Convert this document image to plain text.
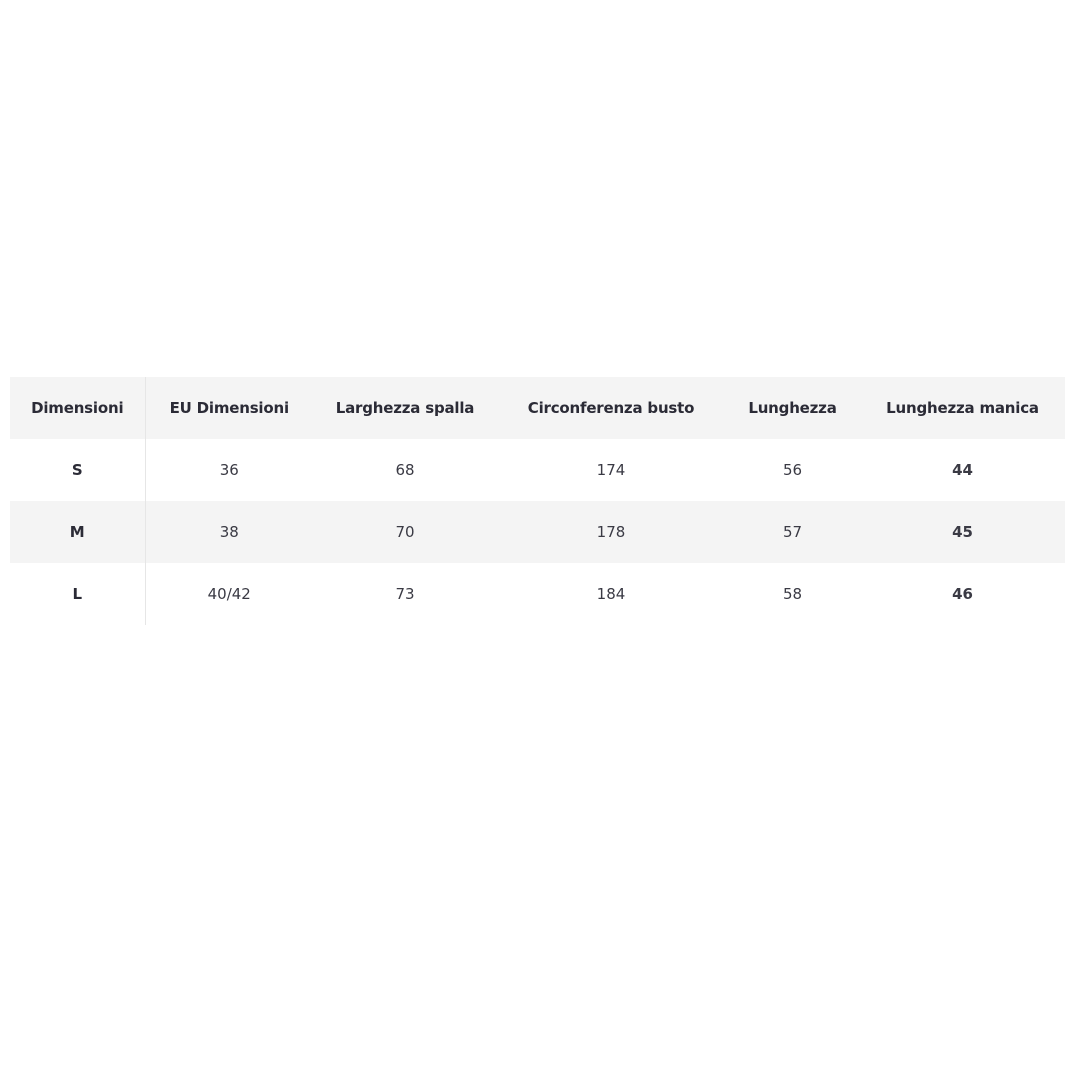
Dimensioni	EU Dimensioni	Larghezza spalla	Circonferenza busto	Lunghezza	Lunghezza manica
S	36	68	174	56	44
M	38	70	178	57	45
L	40/42	73	184	58	46
